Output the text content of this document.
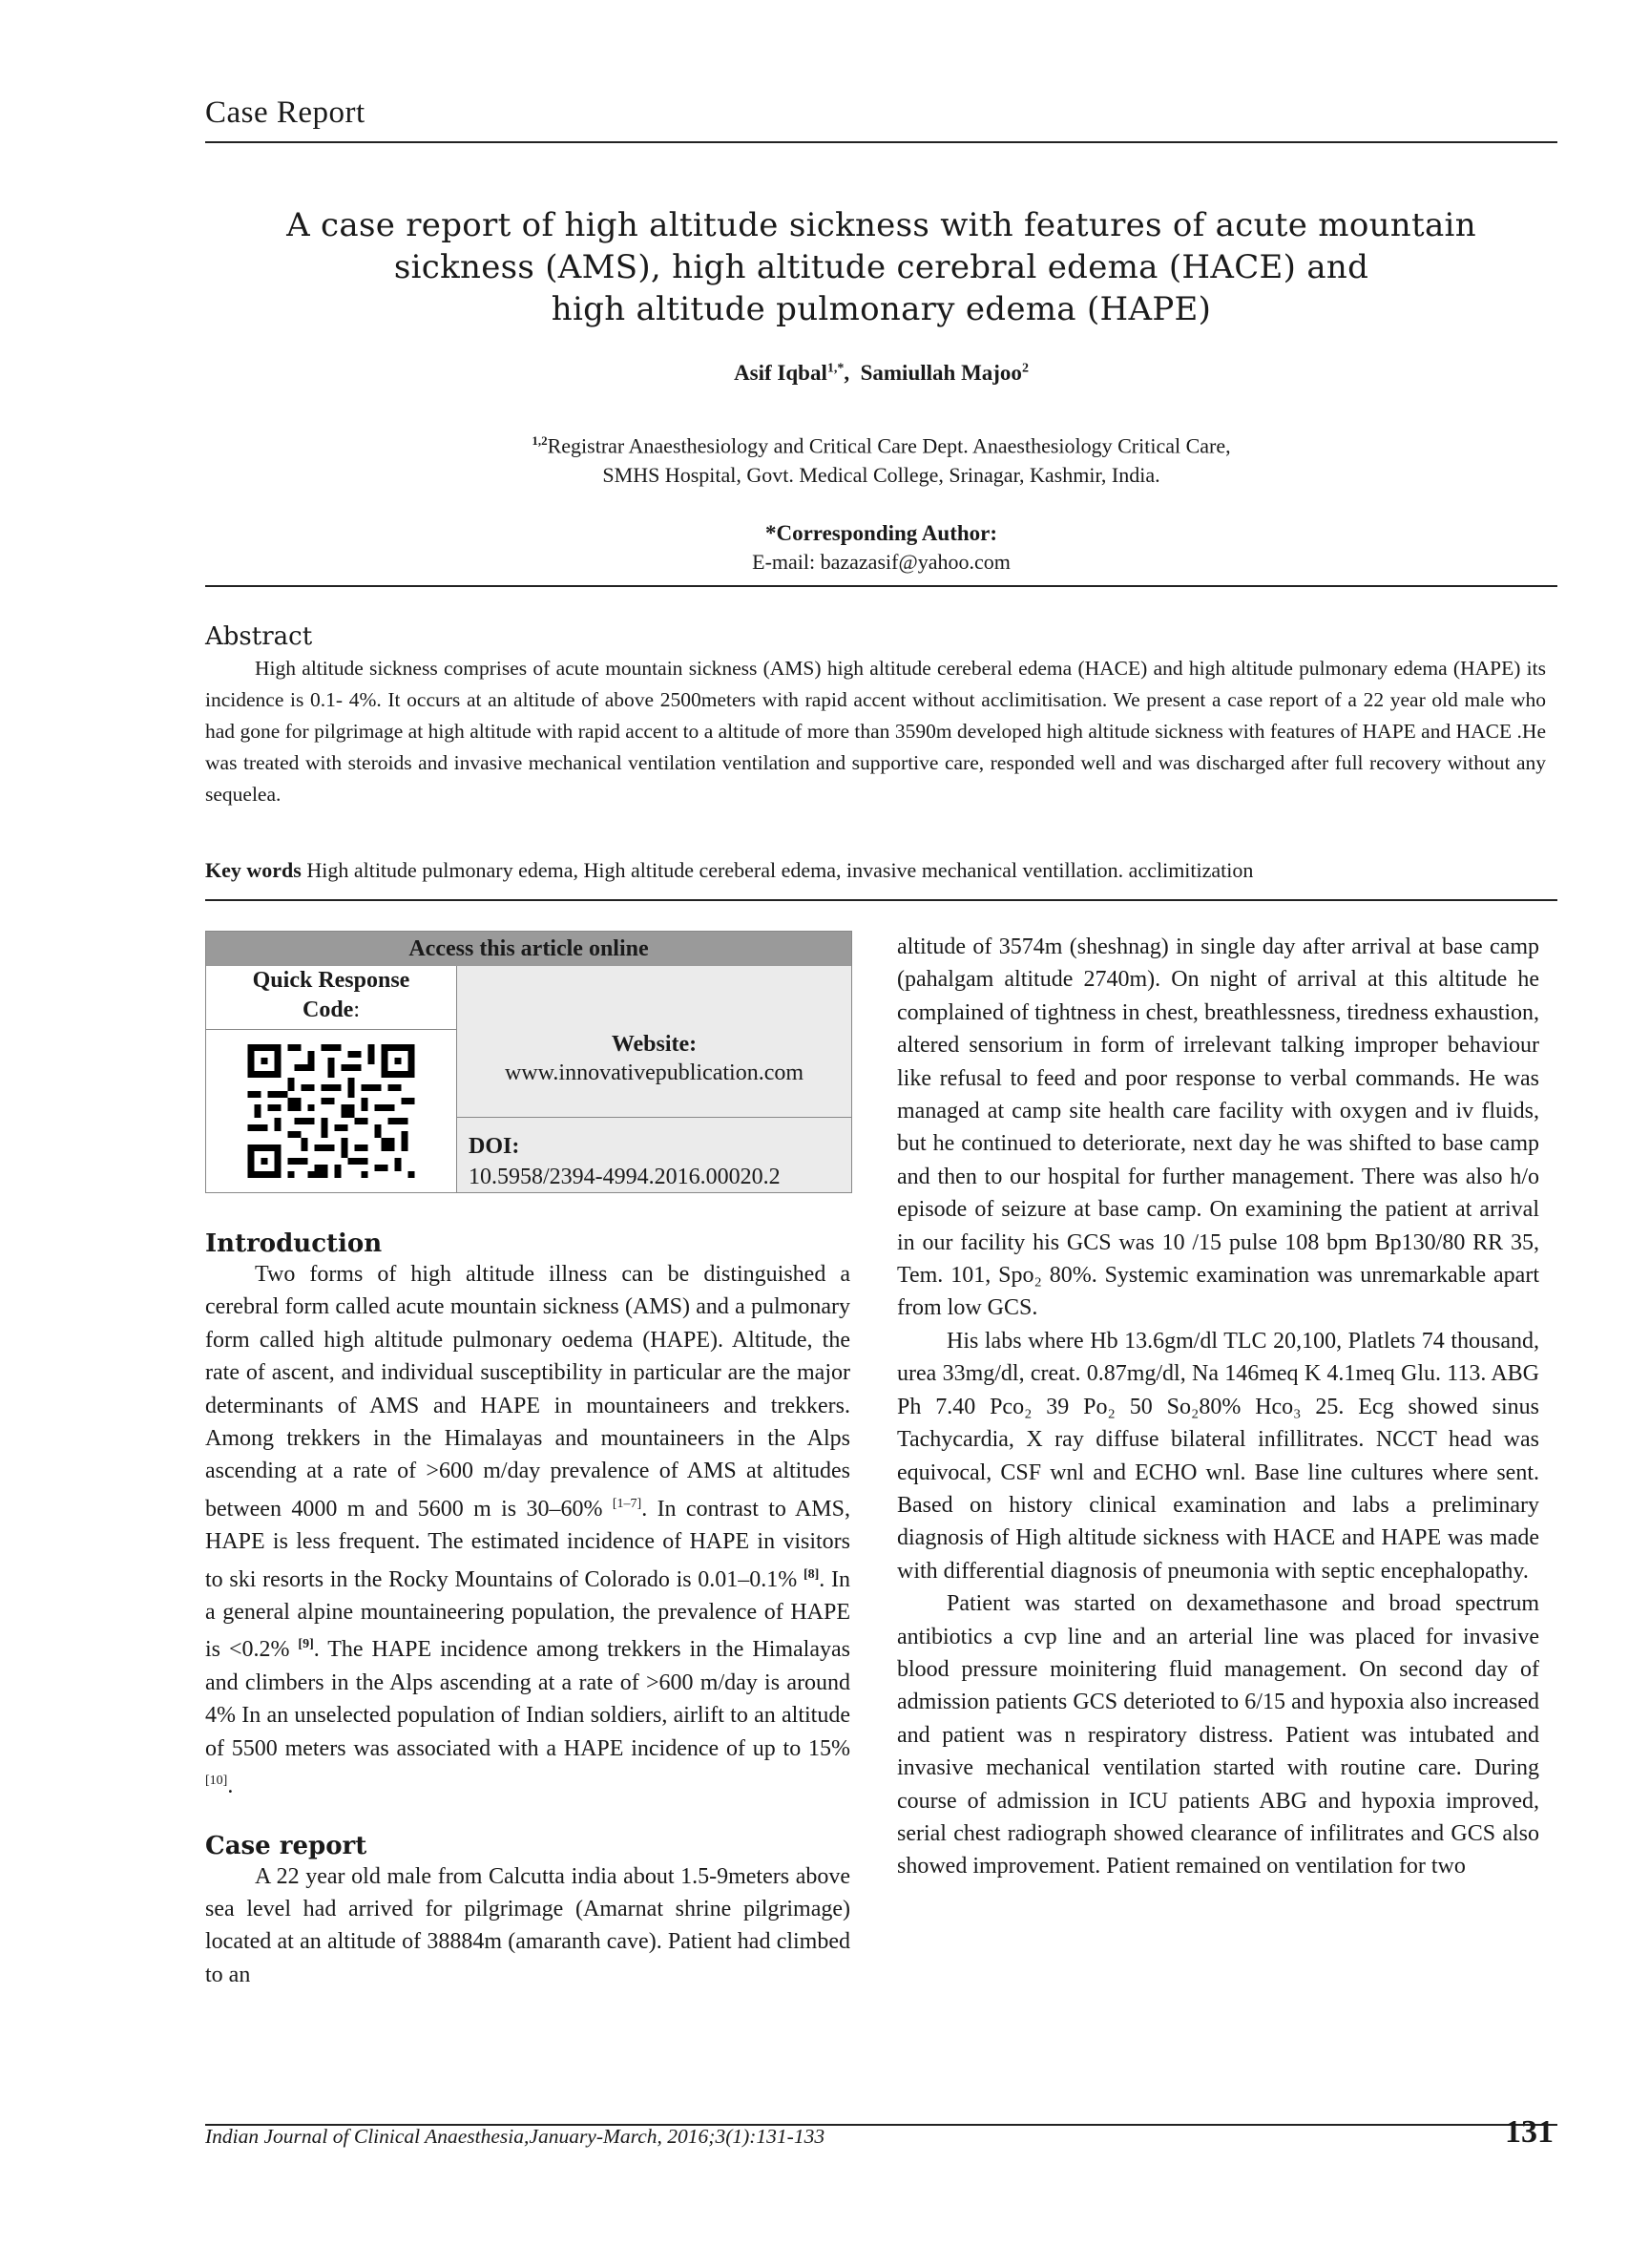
Case Report
A case report of high altitude sickness with features of acute mountain
sickness (AMS), high altitude cerebral edema (HACE) and
high altitude pulmonary edema (HAPE)
Asif Iqbal$^{1,*}$,  Samiullah Majoo$^2$
$^{1,2}$Registrar Anaesthesiology and Critical Care Dept. Anaesthesiology Critical Care,
SMHS Hospital, Govt. Medical College, Srinagar, Kashmir, India.
*Corresponding Author:
E-mail: bazazasif@yahoo.com
Abstract
High altitude sickness comprises of acute mountain sickness (AMS) high altitude cereberal edema (HACE) and high altitude pulmonary edema (HAPE) its incidence is 0.1- 4%. It occurs at an altitude of above 2500meters with rapid accent without acclimitisation. We present a case report of a 22 year old male who had gone for pilgrimage at high altitude with rapid accent to a altitude of more than 3590m developed high altitude sickness with features of HAPE and HACE .He was treated with steroids and invasive mechanical ventilation ventilation and supportive care, responded well and was discharged after full recovery without any sequelea.
Key words High altitude pulmonary edema, High altitude cereberal edema, invasive mechanical ventillation. acclimitization
Access this article online
Quick Response
Code:
Website:
www.innovativepublication.com
DOI:
10.5958/2394-4994.2016.00020.2
Introduction

Two forms of high altitude illness can be distinguished a cerebral form called acute mountain sickness (AMS) and a pulmonary form called high altitude pulmonary oedema (HAPE). Altitude, the rate of ascent, and individual susceptibility in particular are the major determinants of AMS and HAPE in mountaineers and trekkers. Among trekkers in the Himalayas and mountaineers in the Alps ascending at a rate of >600 m/day prevalence of AMS at altitudes between 4000 m and 5600 m is 30–60% [1–7]. In contrast to AMS, HAPE is less frequent. The estimated incidence of HAPE in visitors to ski resorts in the Rocky Mountains of Colorado is 0.01–0.1% [8]. In a general alpine mountaineering population, the prevalence of HAPE is <0.2% [9]. The HAPE incidence among trekkers in the Himalayas and climbers in the Alps ascending at a rate of >600 m/day is around 4% In an unselected population of Indian soldiers, airlift to an altitude of 5500 meters was associated with a HAPE incidence of up to 15% [10].

Case report

A 22 year old male from Calcutta india about 1.5-9meters above sea level had arrived for pilgrimage (Amarnat shrine pilgrimage) located at an altitude of 38884m (amaranth cave). Patient had climbed to an

altitude of 3574m (sheshnag) in single day after arrival at base camp (pahalgam altitude 2740m). On night of arrival at this altitude he complained of tightness in chest, breathlessness, tiredness exhaustion, altered sensorium in form of irrelevant talking improper behaviour like refusal to feed and poor response to verbal commands. He was managed at camp site health care facility with oxygen and iv fluids, but he continued to deteriorate, next day he was shifted to base camp and then to our hospital for further management. There was also h/o episode of seizure at base camp. On examining the patient at arrival in our facility his GCS was 10 /15 pulse 108 bpm Bp130/80 RR 35, Tem. 101, Spo₂ 80%. Systemic examination was unremarkable apart from low GCS.

His labs where Hb 13.6gm/dl TLC 20,100, Platlets 74 thousand, urea 33mg/dl, creat. 0.87mg/dl, Na 146meq K 4.1meq Glu. 113. ABG Ph 7.40 Pco₂ 39 Po₂ 50 So₂80% Hco₃ 25. Ecg showed sinus Tachycardia, X ray diffuse bilateral infillitrates. NCCT head was equivocal, CSF wnl and ECHO wnl. Base line cultures where sent. Based on history clinical examination and labs a preliminary diagnosis of High altitude sickness with HACE and HAPE was made with differential diagnosis of pneumonia with septic encephalopathy.

Patient was started on dexamethasone and broad spectrum antibiotics a cvp line and an arterial line was placed for invasive blood pressure moinitering fluid management. On second day of admission patients GCS deterioted to 6/15 and hypoxia also increased and patient was n respiratory distress. Patient was intubated and invasive mechanical ventilation started with routine care. During course of admission in ICU patients ABG and hypoxia improved, serial chest radiograph showed clearance of infilitrates and GCS also showed improvement. Patient remained on ventilation for two

Indian Journal of Clinical Anaesthesia,January-March, 2016;3(1):131-133	131
